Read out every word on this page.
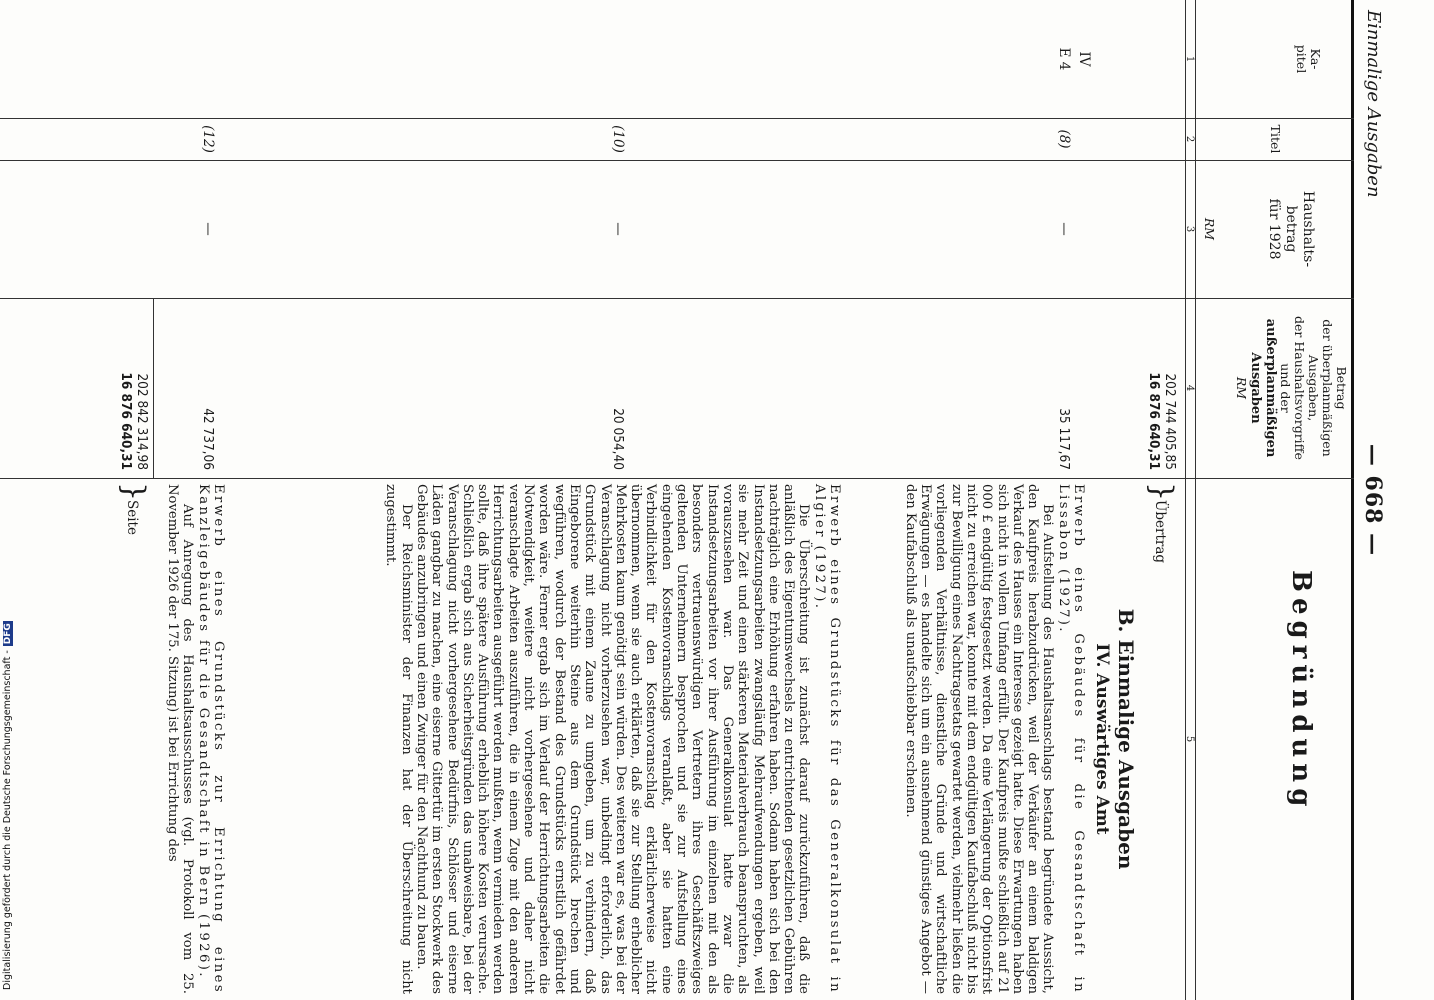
Einmalige Ausgaben
— 668 —
Begründung
Ka-
pitel
Titel
Haushalts-
betrag
für 1928
RM
Betrag
der überplanmäßigen
Ausgaben,
der Haushaltsvorgriffe
und der
außerplanmäßigen
Ausgaben
RM
1
2
3
4
5
202 744 405,85
16 876 640,31
}
Übertrag
IV
B. Einmalige Ausgaben
IV. Auswärtiges Amt
E 4
(8)
—
35 117,67
Erwerb eines Gebäudes für die Gesandtschaft in Lissabon (1927).
Bei Aufstellung des Haushaltsanschlags bestand begründete Aussicht, den Kaufpreis herabzudrücken, weil der Verkäufer an einem baldigen Verkauf des Hauses ein Interesse gezeigt hatte. Diese Erwartungen haben sich nicht in vollem Umfang erfüllt. Der Kaufpreis mußte schließlich auf 21 000 £ endgültig festgesetzt werden. Da eine Verlängerung der Optionsfrist nicht zu erreichen war, konnte mit dem endgültigen Kaufabschluß nicht bis zur Bewilligung eines Nachtragsetats gewartet werden, vielmehr ließen die vorliegenden Verhältnisse, dienstliche Gründe und wirtschaftliche Erwägungen — es handelte sich um ein ausnehmend günstiges Angebot — den Kaufabschluß als unaufschiebbar erscheinen.
(10)
—
20 054,40
Erwerb eines Grundstücks für das Generalkonsulat in Algier (1927).
Die Überschreitung ist zunächst darauf zurückzuführen, daß die anläßlich des Eigentumswechsels zu entrichtenden gesetzlichen Gebühren nachträglich eine Erhöhung erfahren haben. Sodann haben sich bei den Instandsetzungsarbeiten zwangsläufig Mehraufwendungen ergeben, weil sie mehr Zeit und einen stärkeren Materialverbrauch beanspruchten, als vorauszusehen war. Das Generalkonsulat hatte zwar die Instandsetzungsarbeiten vor ihrer Ausführung im einzelnen mit den als besonders vertrauenswürdigen Vertretern ihres Geschäftszweiges geltenden Unternehmern besprochen und sie zur Aufstellung eines eingehenden Kostenvoranschlags veranlaßt, aber sie hatten eine Verbindlichkeit für den Kostenvoranschlag erklärlicherweise nicht übernommen, wenn sie auch erklärten, daß sie zur Stellung erheblicher Mehrkosten kaum genötigt sein würden. Des weiteren war es, was bei der Veranschlagung nicht vorherzusehen war, unbedingt erforderlich, das Grundstück mit einem Zaune zu umgeben, um zu verhindern, daß Eingeborene weiterhin Steine aus dem Grundstück brechen und wegführen, wodurch der Bestand des Grundstücks ernstlich gefährdet worden wäre. Ferner ergab sich im Verlauf der Herrichtungsarbeiten die Notwendigkeit, weitere nicht vorhergesehene und daher nicht veranschlagte Arbeiten auszuführen, die in einem Zuge mit den anderen Herrichtungsarbeiten ausgeführt werden mußten, wenn vermieden werden sollte, daß ihre spätere Ausführung erheblich höhere Kosten verursache. Schließlich ergab sich aus Sicherheitsgründen das unabweisbare, bei der Veranschlagung nicht vorhergesehene Bedürfnis, Schlösser und eiserne Läden gangbar zu machen, eine eiserne Gittertür im ersten Stockwerk des Gebäudes anzubringen und einen Zwinger für den Nachthund zu bauen.
Der Reichsminister der Finanzen hat der Überschreitung nicht zugestimmt.
(12)
—
42 737,06
Erwerb eines Grundstücks zur Errichtung eines Kanzleigebäudes für die Gesandtschaft in Bern (1926).
Auf Anregung des Haushaltsausschusses (vgl. Protokoll vom 25. November 1926 der 175. Sitzung) ist bei Errichtung des
202 842 314,98
16 876 640,31
}
Seite
Digitalisierung gefördert durch die Deutsche Forschungsgemeinschaft -DFG
